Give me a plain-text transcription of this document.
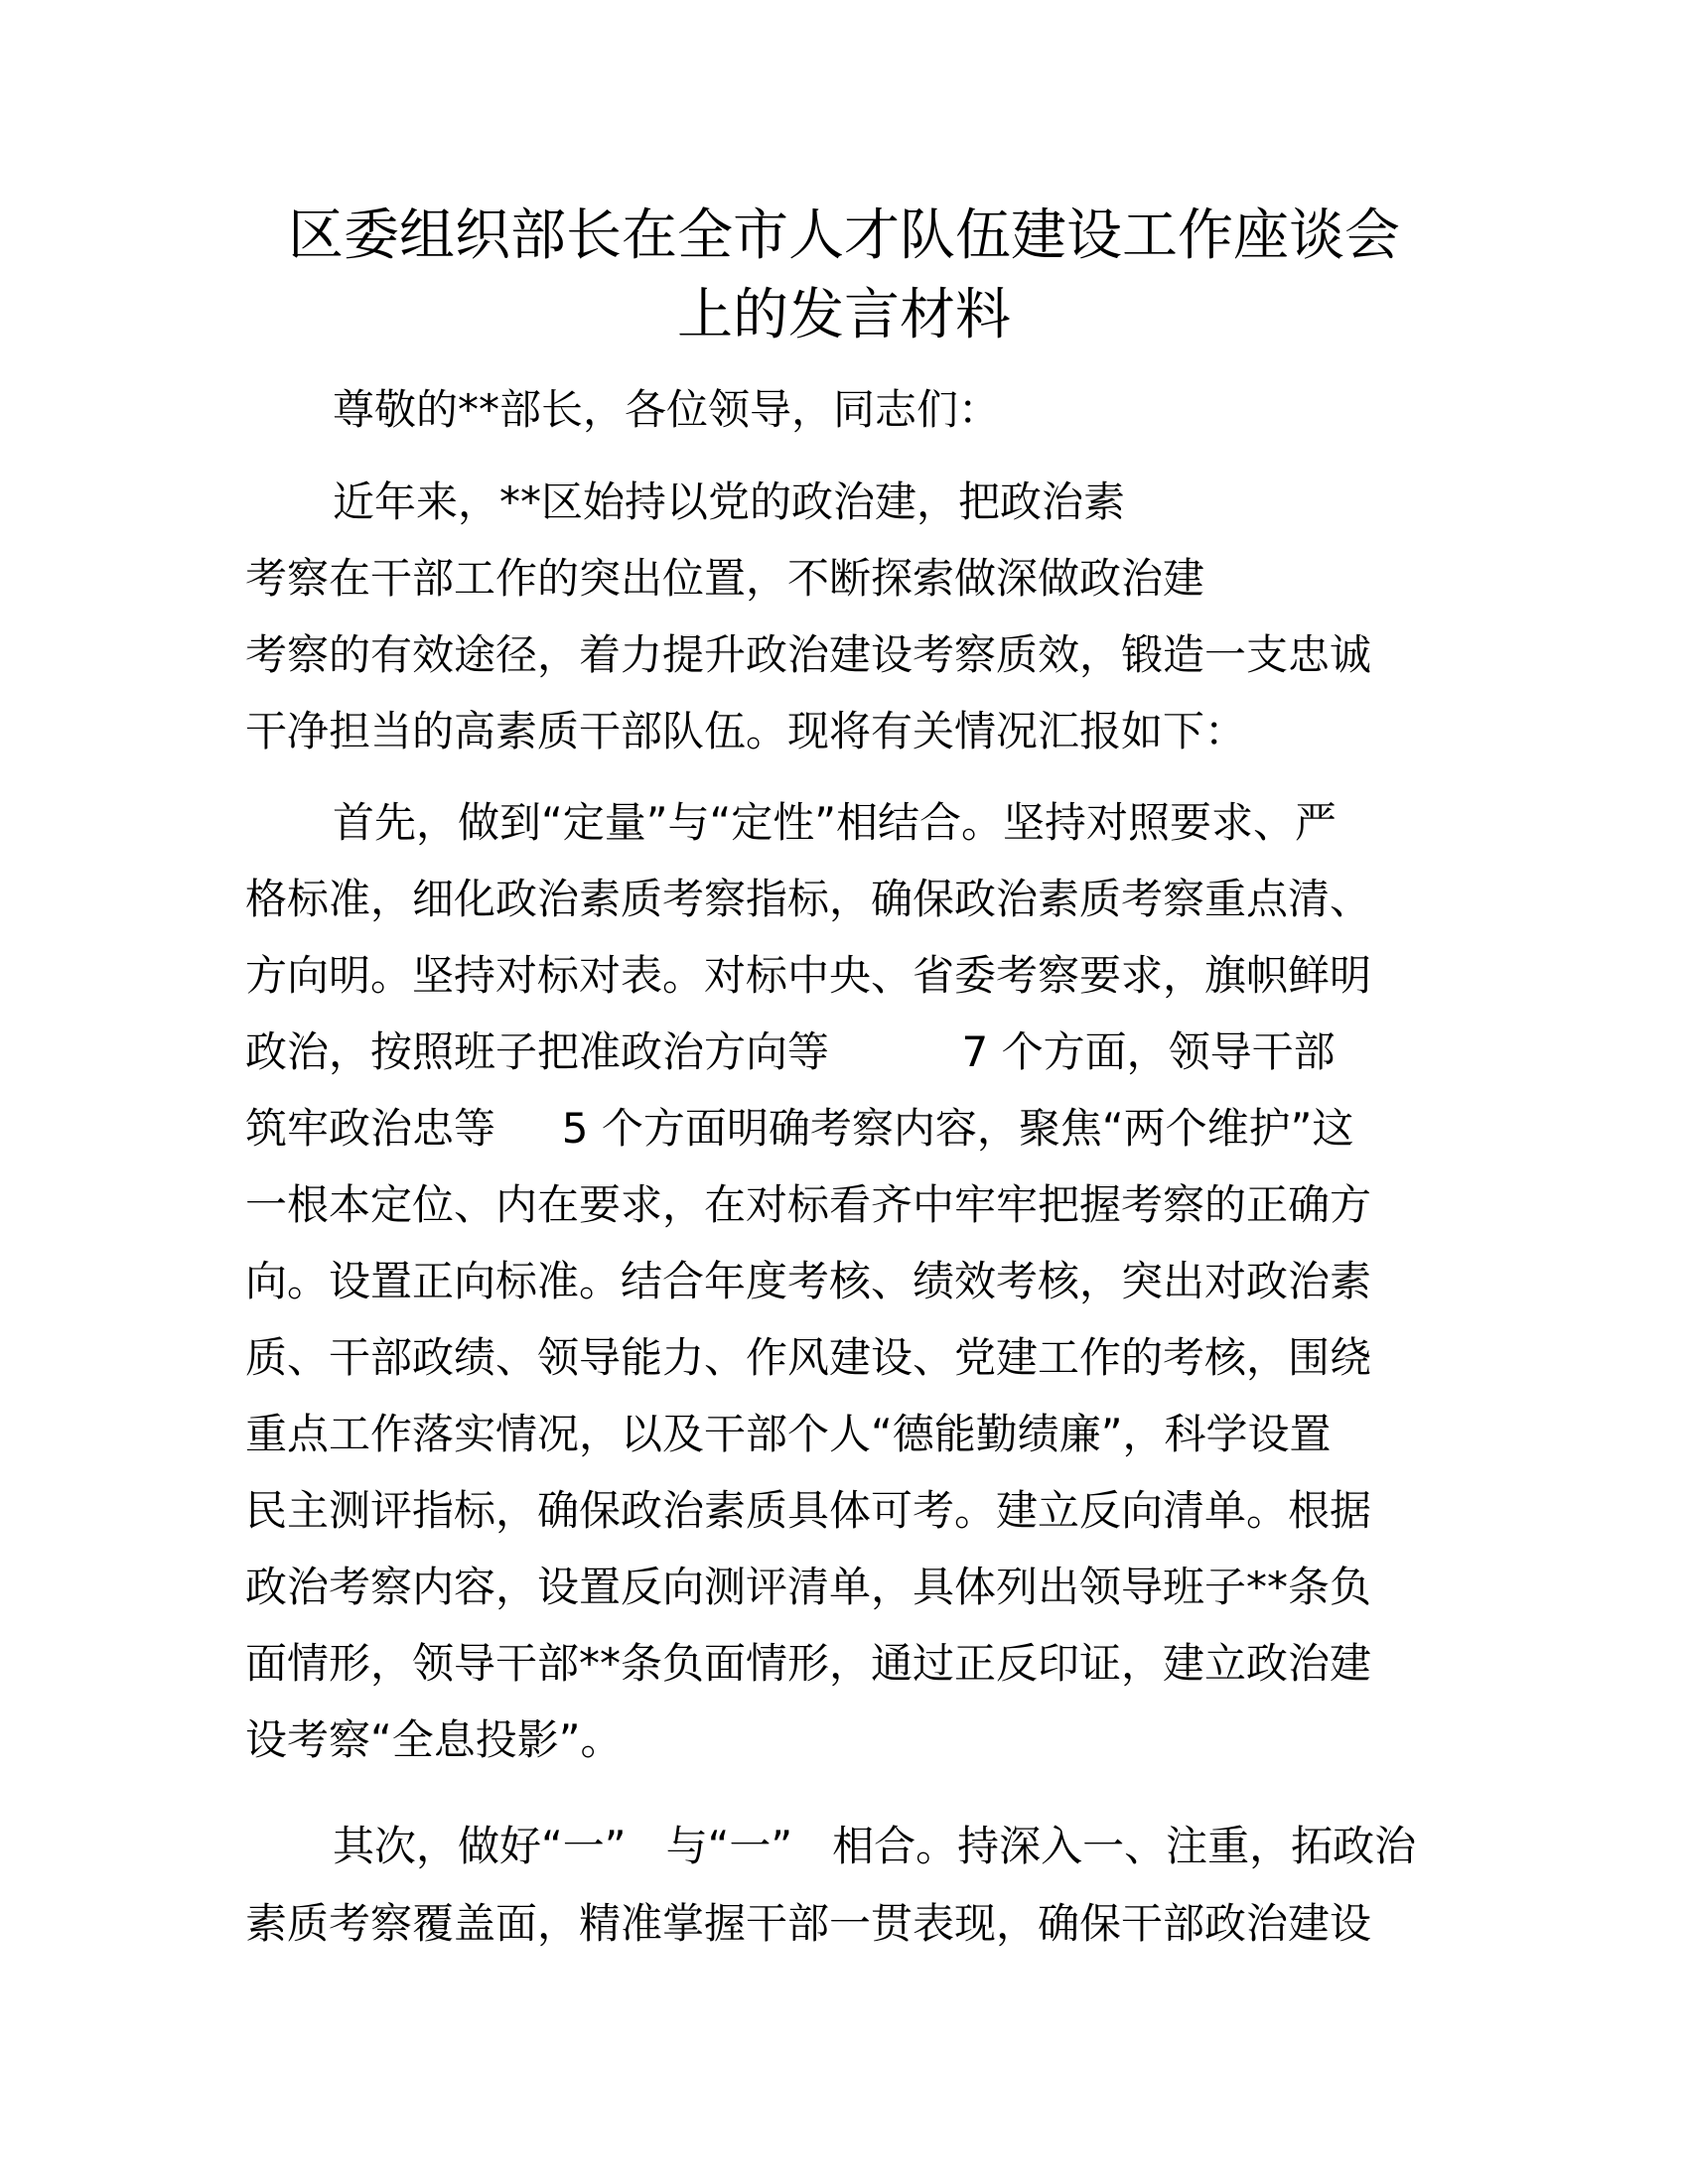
区委组织部长在全市人才队伍建设工作座谈会
上的发言材料
尊敬的**部长，各位领导，同志们：
近年来，**区始持以党的政治建，把政治素
考察在干部工作的突出位置，不断探索做深做政治建
考察的有效途径，着力提升政治建设考察质效，锻造一支忠诚
干净担当的高素质干部队伍。现将有关情况汇报如下：
首先，做到“定量”与“定性”相结合。坚持对照要求、严
格标准，细化政治素质考察指标，确保政治素质考察重点清、
方向明。坚持对标对表。对标中央、省委考察要求，旗帜鲜明
政治，按照班子把准政治方向等          7 个方面，领导干部
筑牢政治忠等     5 个方面明确考察内容，聚焦“两个维护”这
一根本定位、内在要求，在对标看齐中牢牢把握考察的正确方
向。设置正向标准。结合年度考核、绩效考核，突出对政治素
质、干部政绩、领导能力、作风建设、党建工作的考核，围绕
重点工作落实情况，以及干部个人“德能勤绩廉”，科学设置
民主测评指标，确保政治素质具体可考。建立反向清单。根据
政治考察内容，设置反向测评清单，具体列出领导班子**条负
面情形，领导干部**条负面情形，通过正反印证，建立政治建
设考察“全息投影”。
其次，做好“一”   与“一”   相合。持深入一、注重，拓政治
素质考察覆盖面，精准掌握干部一贯表现，确保干部政治建设
